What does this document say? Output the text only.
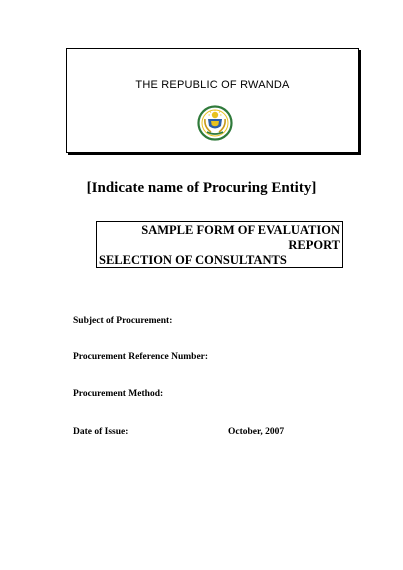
THE REPUBLIC OF RWANDA
[Indicate name of Procuring Entity]
SAMPLE FORM OF EVALUATION
REPORT
SELECTION OF CONSULTANTS
Subject of Procurement:
Procurement Reference Number:
Procurement Method:
Date of Issue:	October, 2007
